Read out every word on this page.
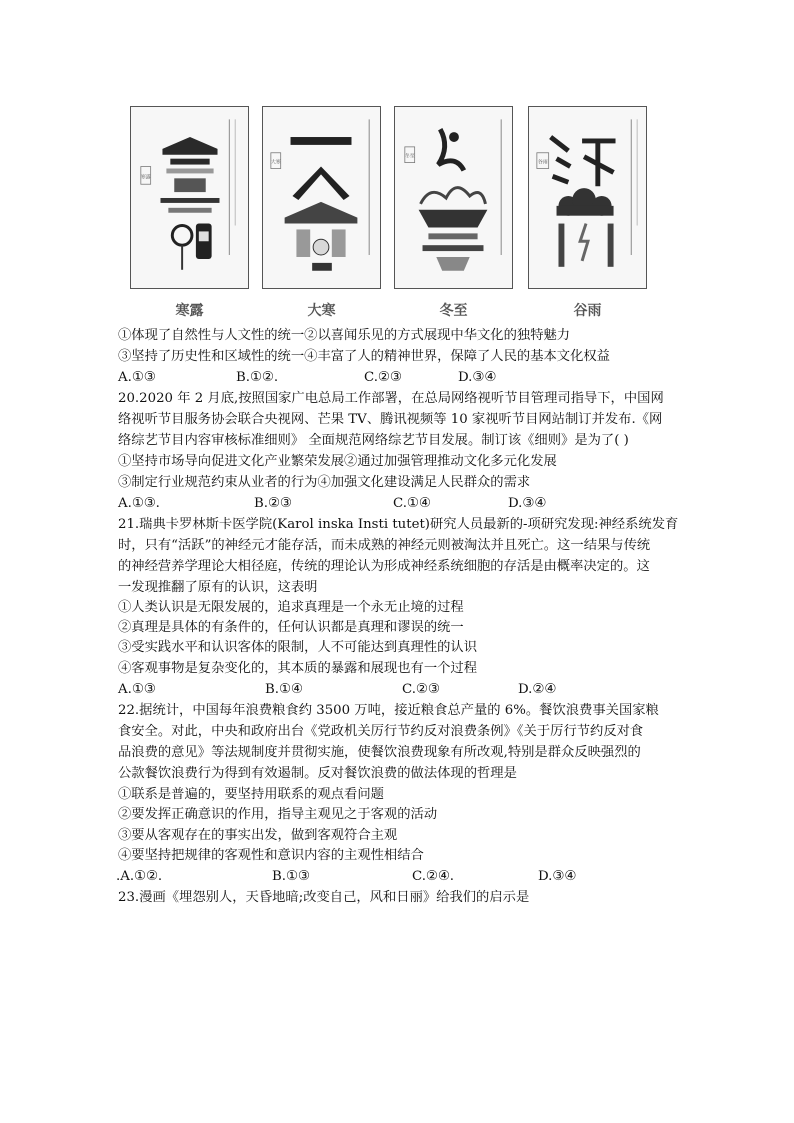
寒露
寒露
大寒
大寒
冬至
冬至
谷雨
谷雨
①体现了自然性与人文性的统一②以喜闻乐见的方式展现中华文化的独特魅力
③坚持了历史性和区域性的统一④丰富了人的精神世界，保障了人民的基本文化权益
A.①③	B.①②.	C.②③	D.③④
20.2020 年 2 月底,按照国家广电总局工作部署，在总局网络视听节目管理司指导下，中国网
络视听节目服务协会联合央视网、芒果 TV、腾讯视频等 10 家视听节目网站制订并发布.《网
络综艺节目内容审核标准细则》 全面规范网络综艺节目发展。制订该《细则》是为了( )
①坚持市场导向促进文化产业繁荣发展②通过加强管理推动文化多元化发展
③制定行业规范约束从业者的行为④加强文化建设满足人民群众的需求
A.①③.	B.②③	C.①④	D.③④
21.瑞典卡罗林斯卡医学院(Karol inska Insti tutet)研究人员最新的-项研究发现:神经系统发育
时，只有“活跃”的神经元才能存活，而未成熟的神经元则被淘汰并且死亡。这一结果与传统
的神经营养学理论大相径庭，传统的理论认为形成神经系统细胞的存活是由概率决定的。这
一发现推翻了原有的认识，这表明
①人类认识是无限发展的，追求真理是一个永无止境的过程
②真理是具体的有条件的，任何认识都是真理和谬误的统一
③受实践水平和认识客体的限制，人不可能达到真理性的认识
④客观事物是复杂变化的，其本质的暴露和展现也有一个过程
A.①③	B.①④	C.②③	D.②④
22.据统计，中国每年浪费粮食约 3500 万吨，接近粮食总产量的 6%。餐饮浪费事关国家粮
食安全。对此，中央和政府出台《党政机关厉行节约反对浪费条例》《关于厉行节约反对食
品浪费的意见》等法规制度并贯彻实施，使餐饮浪费现象有所改观,特别是群众反映强烈的
公款餐饮浪费行为得到有效遏制。反对餐饮浪费的做法体现的哲理是
①联系是普遍的，要坚持用联系的观点看问题
②要发挥正确意识的作用，指导主观见之于客观的活动
③要从客观存在的事实出发，做到客观符合主观
④要坚持把规律的客观性和意识内容的主观性相结合
.A.①②.	B.①③	C.②④.	D.③④
23.漫画《埋怨别人，天昏地暗;改变自己，风和日丽》给我们的启示是
